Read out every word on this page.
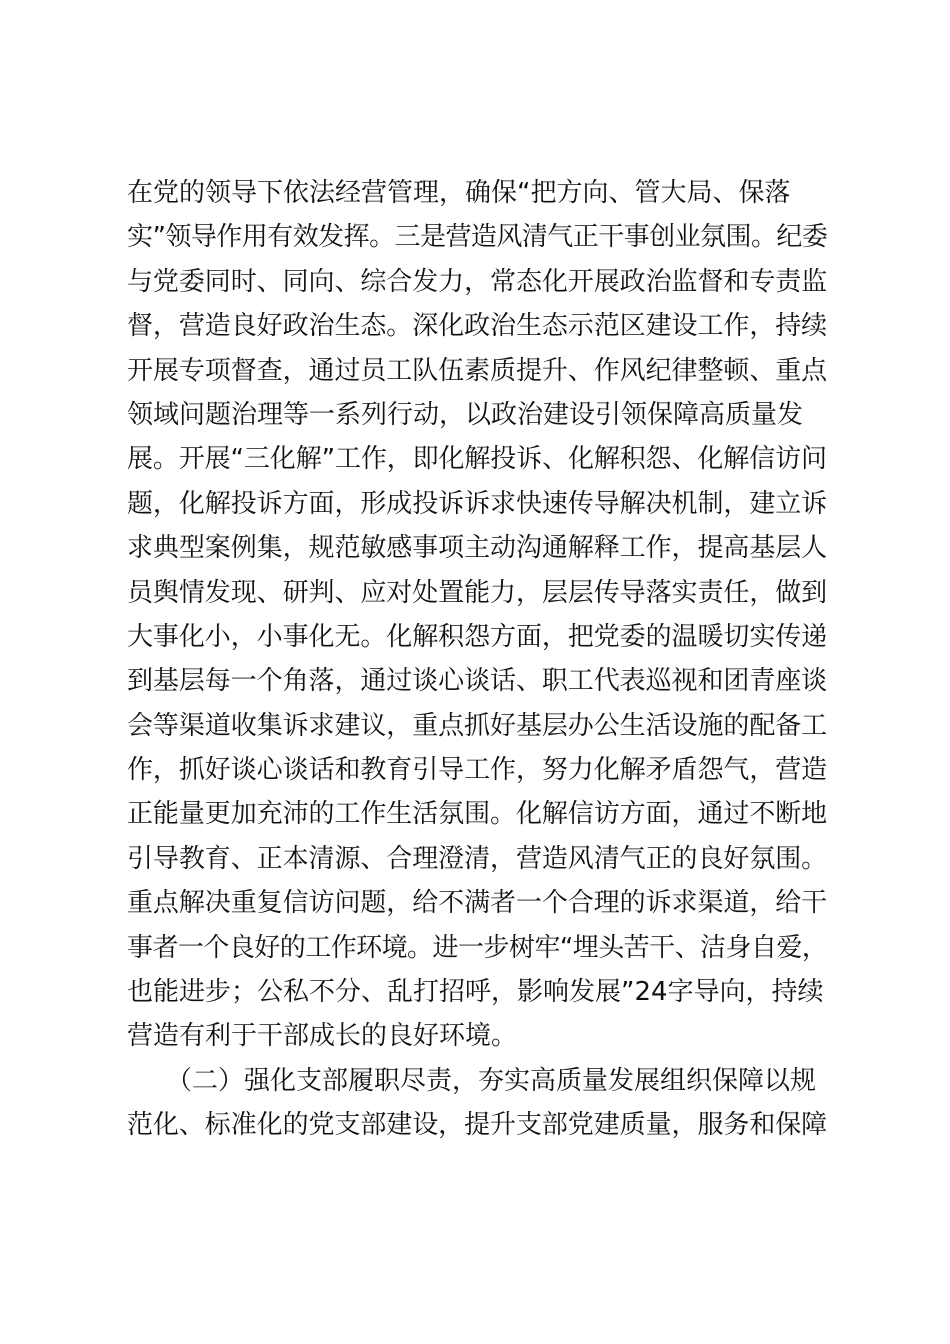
在党的领导下依法经营管理，确保“把方向、管大局、保落
实”领导作用有效发挥。三是营造风清气正干事创业氛围。纪委
与党委同时、同向、综合发力，常态化开展政治监督和专责监
督，营造良好政治生态。深化政治生态示范区建设工作，持续
开展专项督查，通过员工队伍素质提升、作风纪律整顿、重点
领域问题治理等一系列行动，以政治建设引领保障高质量发
展。开展“三化解”工作，即化解投诉、化解积怨、化解信访问
题，化解投诉方面，形成投诉诉求快速传导解决机制，建立诉
求典型案例集，规范敏感事项主动沟通解释工作，提高基层人
员舆情发现、研判、应对处置能力，层层传导落实责任，做到
大事化小，小事化无。化解积怨方面，把党委的温暖切实传递
到基层每一个角落，通过谈心谈话、职工代表巡视和团青座谈
会等渠道收集诉求建议，重点抓好基层办公生活设施的配备工
作，抓好谈心谈话和教育引导工作，努力化解矛盾怨气，营造
正能量更加充沛的工作生活氛围。化解信访方面，通过不断地
引导教育、正本清源、合理澄清，营造风清气正的良好氛围。
重点解决重复信访问题，给不满者一个合理的诉求渠道，给干
事者一个良好的工作环境。进一步树牢“埋头苦干、洁身自爱，
也能进步；公私不分、乱打招呼，影响发展”24字导向，持续
营造有利于干部成长的良好环境。
　　（二）强化支部履职尽责，夯实高质量发展组织保障以规
范化、标准化的党支部建设，提升支部党建质量，服务和保障
